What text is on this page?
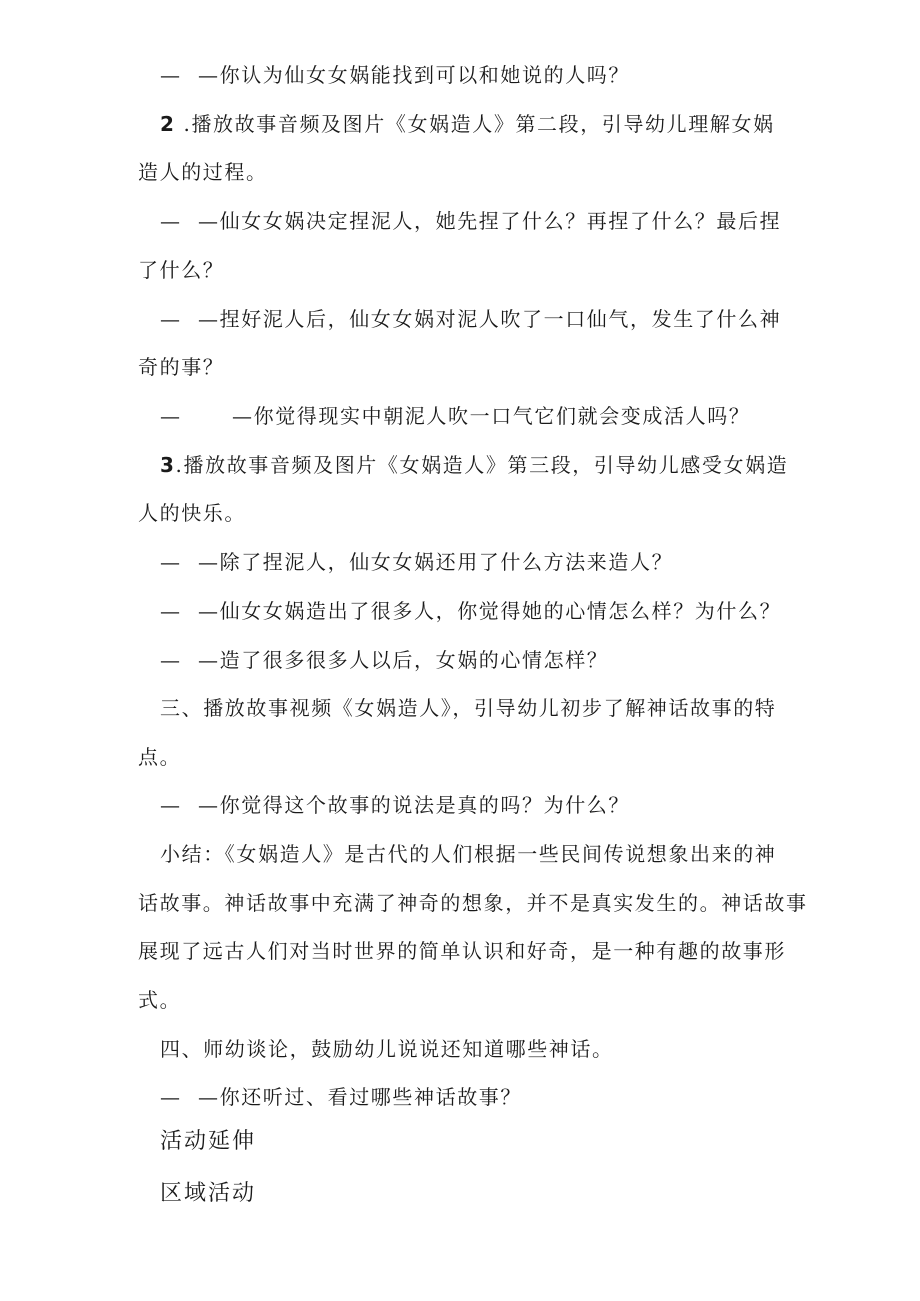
— —你认为仙女女娲能找到可以和她说的人吗？
2 .播放故事音频及图片《女娲造人》第二段，引导幼儿理解女娲
造人的过程。
— —仙女女娲决定捏泥人，她先捏了什么？再捏了什么？最后捏
了什么？
— —捏好泥人后，仙女女娲对泥人吹了一口仙气，发生了什么神
奇的事？
—	—你觉得现实中朝泥人吹一口气它们就会变成活人吗？
3.播放故事音频及图片《女娲造人》第三段，引导幼儿感受女娲造
人的快乐。
— —除了捏泥人，仙女女娲还用了什么方法来造人？
— —仙女女娲造出了很多人，你觉得她的心情怎么样？为什么？
— —造了很多很多人以后，女娲的心情怎样？
三、播放故事视频《女娲造人》，引导幼儿初步了解神话故事的特
点。
— —你觉得这个故事的说法是真的吗？为什么？
小结：《女娲造人》是古代的人们根据一些民间传说想象出来的神
话故事。神话故事中充满了神奇的想象，并不是真实发生的。神话故事
展现了远古人们对当时世界的简单认识和好奇，是一种有趣的故事形
式。
四、师幼谈论，鼓励幼儿说说还知道哪些神话。
— —你还听过、看过哪些神话故事？
活动延伸
区域活动
